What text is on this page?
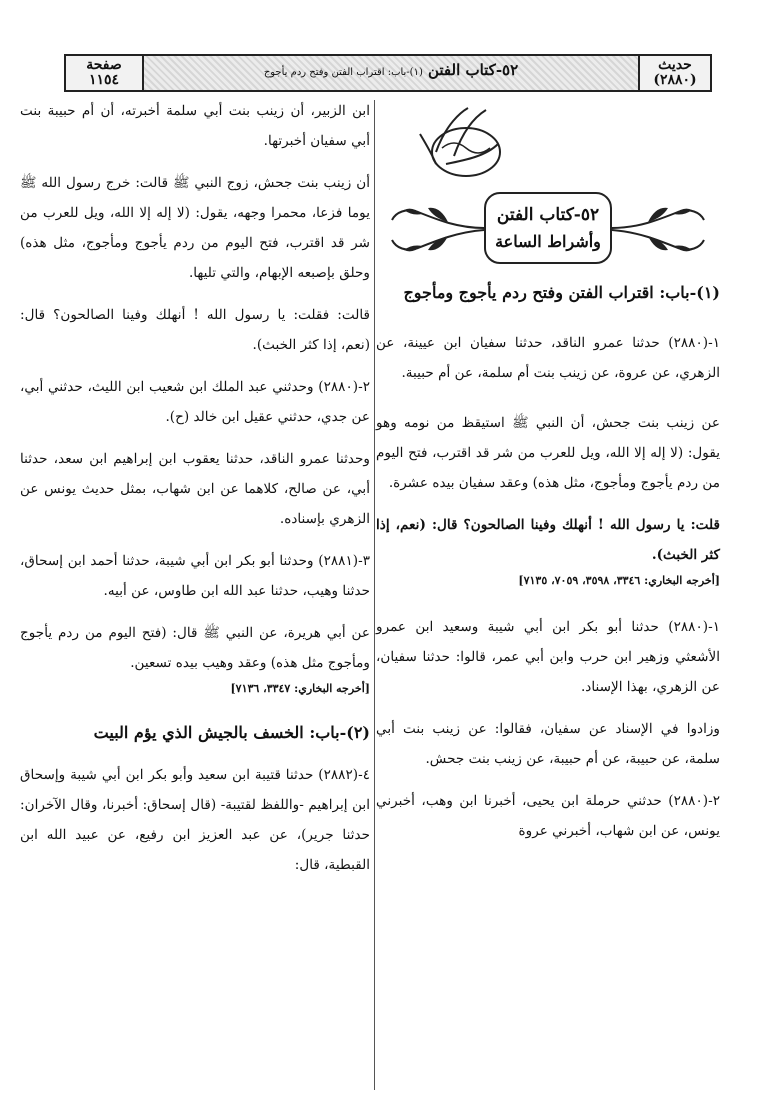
صفحة
١١٥٤
٥٢-كتاب الفتن (١)-باب: اقتراب الفتن وفتح ردم يأجوج	حديث
(٢٨٨٠)
٥٢-كتاب الفتن
وأشراط الساعة
(١)-باب: اقتراب الفتن وفتح ردم يأجوج ومأجوج

١-(٢٨٨٠) حدثنا عمرو الناقد، حدثنا سفيان ابن عيينة، عن الزهري، عن عروة، عن زينب بنت أم سلمة، عن أم حبيبة.

عن زينب بنت جحش، أن النبي ﷺ استيقظ من نومه وهو يقول: (لا إله إلا الله، ويل للعرب من شر قد اقترب، فتح اليوم من ردم يأجوج ومأجوج، مثل هذه) وعقد سفيان بيده عشرة.

قلت: يا رسول الله ! أنهلك وفينا الصالحون؟ قال: (نعم، إذا كثر الخبث).

[أخرجه البخاري: ٣٣٤٦، ٣٥٩٨، ٧٠٥٩، ٧١٣٥]

١-(٢٨٨٠) حدثنا أبو بكر ابن أبي شيبة وسعيد ابن عمرو الأشعثي وزهير ابن حرب وابن أبي عمر، قالوا: حدثنا سفيان، عن الزهري، بهذا الإسناد.

وزادوا في الإسناد عن سفيان، فقالوا: عن زينب بنت أبي سلمة، عن حبيبة، عن أم حبيبة، عن زينب بنت جحش.

٢-(٢٨٨٠) حدثني حرملة ابن يحيى، أخبرنا ابن وهب، أخبرني يونس، عن ابن شهاب، أخبرني عروة

ابن الزبير، أن زينب بنت أبي سلمة أخبرته، أن أم حبيبة بنت أبي سفيان أخبرتها.

أن زينب بنت جحش، زوج النبي ﷺ قالت: خرج رسول الله ﷺ يوما فزعا، محمرا وجهه، يقول: (لا إله إلا الله، ويل للعرب من شر قد اقترب، فتح اليوم من ردم يأجوج ومأجوج، مثل هذه) وحلق بإصبعه الإبهام، والتي تليها.

قالت: فقلت: يا رسول الله ! أنهلك وفينا الصالحون؟ قال: (نعم، إذا كثر الخبث).

٢-(٢٨٨٠) وحدثني عبد الملك ابن شعيب ابن الليث، حدثني أبي، عن جدي، حدثني عقيل ابن خالد (ح).

وحدثنا عمرو الناقد، حدثنا يعقوب ابن إبراهيم ابن سعد، حدثنا أبي، عن صالح، كلاهما عن ابن شهاب، بمثل حديث يونس عن الزهري بإسناده.

٣-(٢٨٨١) وحدثنا أبو بكر ابن أبي شيبة، حدثنا أحمد ابن إسحاق، حدثنا وهيب، حدثنا عبد الله ابن طاوس، عن أبيه.

عن أبي هريرة، عن النبي ﷺ قال: (فتح اليوم من ردم يأجوج ومأجوج مثل هذه) وعقد وهيب بيده تسعين.

[أخرجه البخاري: ٣٣٤٧، ٧١٣٦]

(٢)-باب: الخسف بالجيش الذي يؤم البيت

٤-(٢٨٨٢) حدثنا قتيبة ابن سعيد وأبو بكر ابن أبي شيبة وإسحاق ابن إبراهيم -واللفظ لقتيبة- (قال إسحاق: أخبرنا، وقال الآخران: حدثنا جرير)، عن عبد العزيز ابن رفيع، عن عبيد الله ابن القبطية، قال:
